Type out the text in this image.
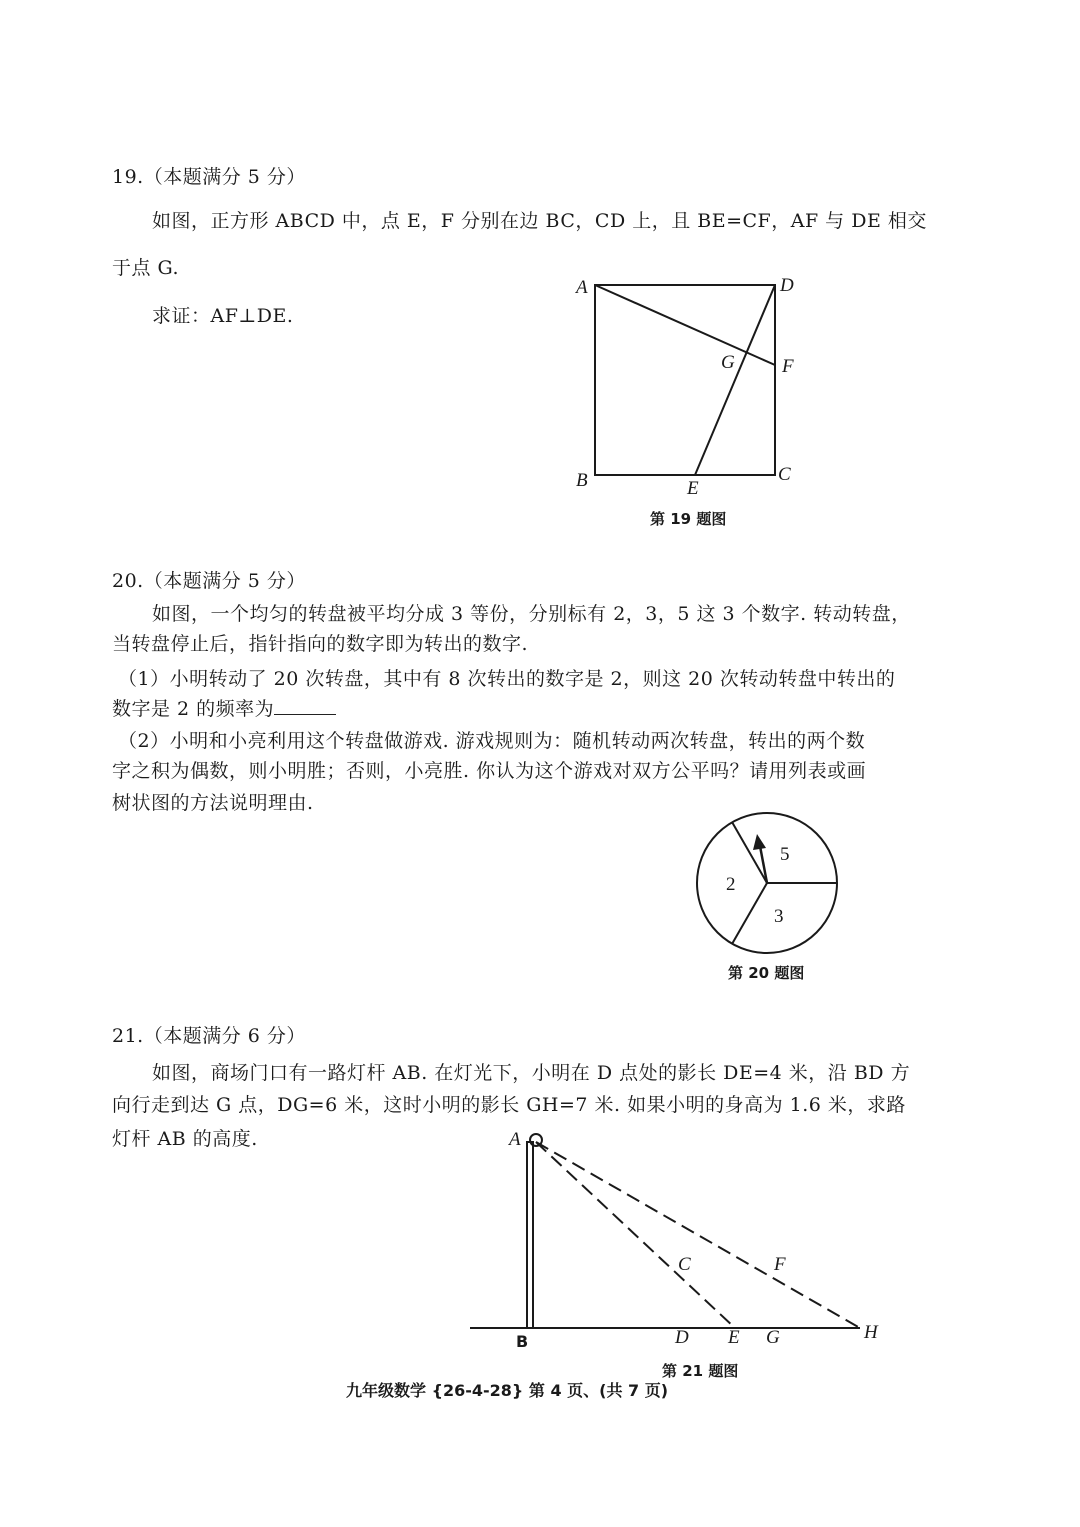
19.（本题满分 5 分）
如图，正方形 ABCD 中，点 E，F 分别在边 BC，CD 上，且 BE=CF，AF 与 DE 相交
于点 G.
求证：AF⊥DE.
A	D
B	C
E
F
G
2
3
5
A
B
C	F
D E G	H
第 19 题图
20.（本题满分 5 分）
如图，一个均匀的转盘被平均分成 3 等份，分别标有 2，3，5 这 3 个数字. 转动转盘，
当转盘停止后，指针指向的数字即为转出的数字.
（1）小明转动了 20 次转盘，其中有 8 次转出的数字是 2，则这 20 次转动转盘中转出的
数字是 2 的频率为
（2）小明和小亮利用这个转盘做游戏. 游戏规则为：随机转动两次转盘，转出的两个数
字之积为偶数，则小明胜；否则，小亮胜. 你认为这个游戏对双方公平吗？请用列表或画
树状图的方法说明理由.
第 20 题图
21.（本题满分 6 分）
如图，商场门口有一路灯杆 AB. 在灯光下，小明在 D 点处的影长 DE=4 米，沿 BD 方
向行走到达 G 点，DG=6 米，这时小明的影长 GH=7 米. 如果小明的身高为 1.6 米，求路
灯杆 AB 的高度.
第 21 题图
九年级数学 {26-4-28} 第 4 页、(共 7 页)
